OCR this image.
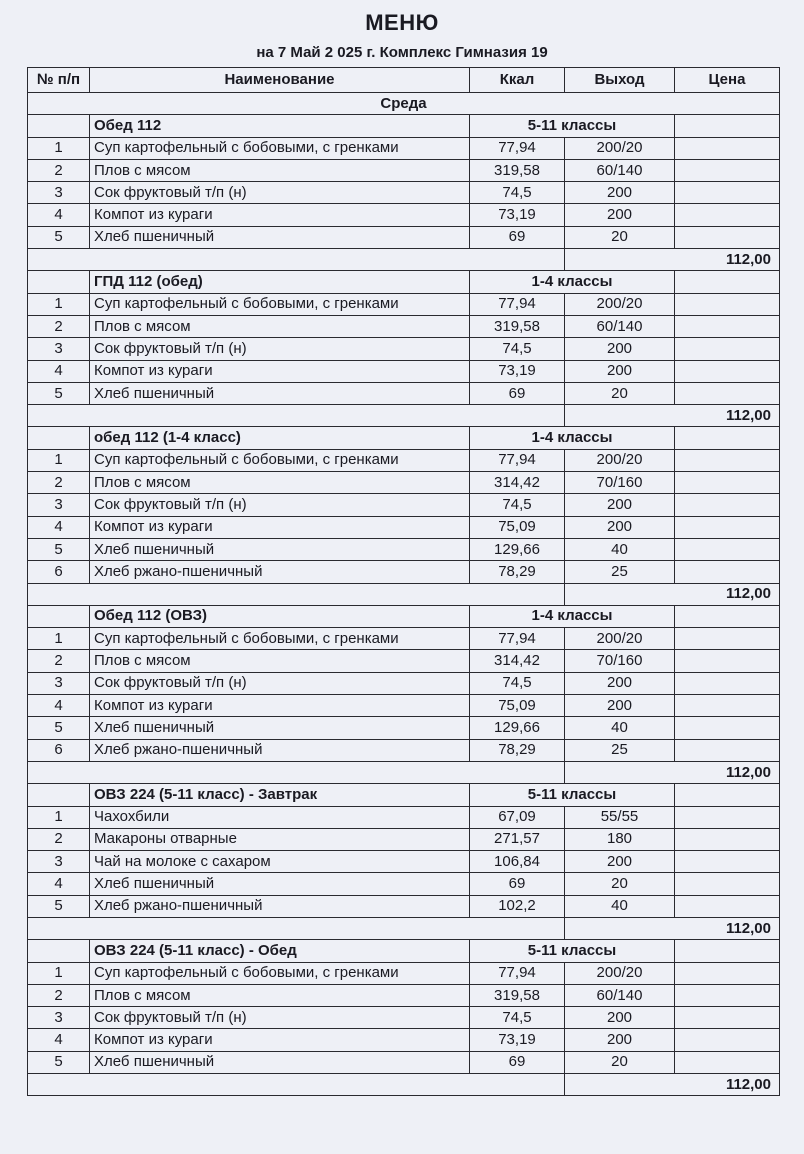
МЕНЮ
на 7 Май 2 025 г. Комплекс Гимназия 19
№ п/п	Наименование	Ккал	Выход	Цена
Среда				
	Обед 112	5-11 классы		
1	Суп картофельный с бобовыми, с гренками	77,94	200/20	
2	Плов с мясом	319,58	60/140	
3	Сок фруктовый т/п (н)	74,5	200	
4	Компот из кураги	73,19	200	
5	Хлеб пшеничный	69	20	
			112,00	
	ГПД 112 (обед)	1-4 классы		
1	Суп картофельный с бобовыми, с гренками	77,94	200/20	
2	Плов с мясом	319,58	60/140	
3	Сок фруктовый т/п (н)	74,5	200	
4	Компот из кураги	73,19	200	
5	Хлеб пшеничный	69	20	
			112,00	
	обед 112 (1-4 класс)	1-4 классы		
1	Суп картофельный с бобовыми, с гренками	77,94	200/20	
2	Плов с мясом	314,42	70/160	
3	Сок фруктовый т/п (н)	74,5	200	
4	Компот из кураги	75,09	200	
5	Хлеб пшеничный	129,66	40	
6	Хлеб ржано-пшеничный	78,29	25	
			112,00	
	Обед 112 (ОВЗ)	1-4 классы		
1	Суп картофельный с бобовыми, с гренками	77,94	200/20	
2	Плов с мясом	314,42	70/160	
3	Сок фруктовый т/п (н)	74,5	200	
4	Компот из кураги	75,09	200	
5	Хлеб пшеничный	129,66	40	
6	Хлеб ржано-пшеничный	78,29	25	
			112,00	
	ОВЗ 224 (5-11 класс) - Завтрак	5-11 классы		
1	Чахохбили	67,09	55/55	
2	Макароны отварные	271,57	180	
3	Чай на молоке с сахаром	106,84	200	
4	Хлеб пшеничный	69	20	
5	Хлеб ржано-пшеничный	102,2	40	
			112,00	
	ОВЗ 224 (5-11 класс) - Обед	5-11 классы		
1	Суп картофельный с бобовыми, с гренками	77,94	200/20	
2	Плов с мясом	319,58	60/140	
3	Сок фруктовый т/п (н)	74,5	200	
4	Компот из кураги	73,19	200	
5	Хлеб пшеничный	69	20	
			112,00	
